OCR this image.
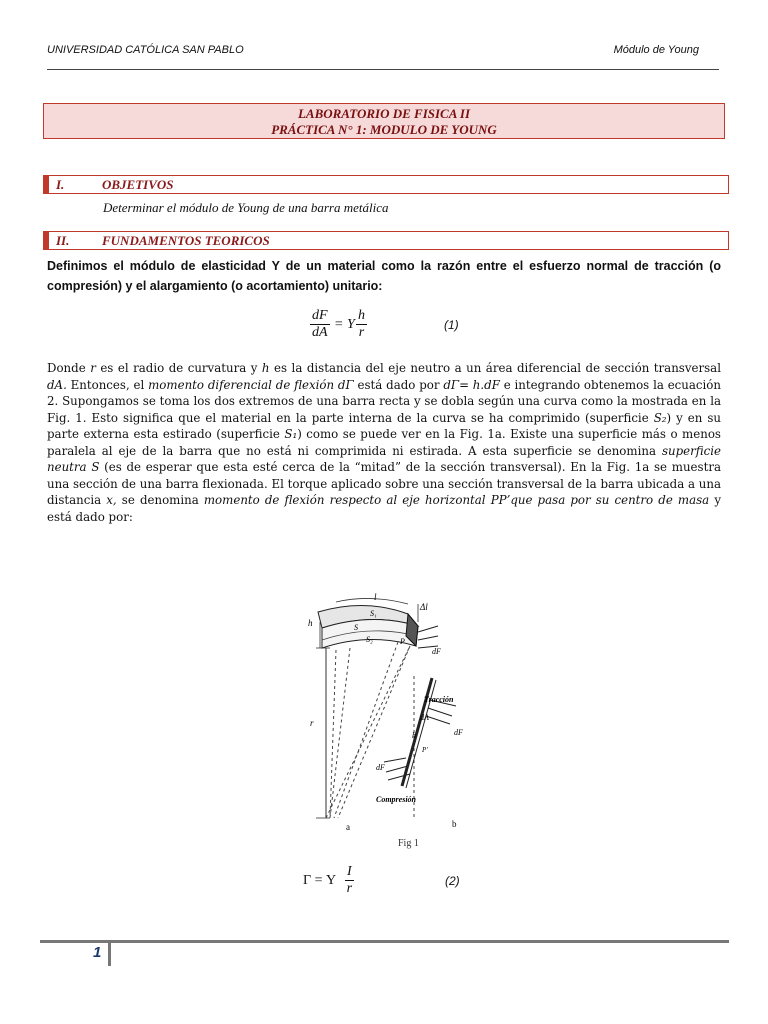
UNIVERSIDAD CATÓLICA SAN PABLO	Módulo de Young
LABORATORIO DE FISICA II
PRÁCTICA N° 1: MODULO DE YOUNG
I.	OBJETIVOS
Determinar el módulo de Young de una barra metálica
II.	FUNDAMENTOS TEORICOS
Definimos el módulo de elasticidad Y de un material como la razón entre el esfuerzo normal de tracción (o compresión) y el alargamiento (o acortamiento) unitario:
$\frac{dF}{dA} = Y \frac{h}{r}$	(1)

Donde r es el radio de curvatura y h es la distancia del eje neutro a un área diferencial de sección transversal dA. Entonces, el momento diferencial de flexión dΓ está dado por dΓ= h.dF e integrando obtenemos la ecuación 2. Supongamos se toma los dos extremos de una barra recta y se dobla según una curva como la mostrada en la Fig. 1. Esto significa que el material en la parte interna de la curva se ha comprimido (superficie S₂) y en su parte externa esta estirado (superficie S₁) como se puede ver en la Fig. 1a. Existe una superficie más o menos paralela al eje de la barra que no está ni comprimida ni estirada. A esta superficie se denomina superficie neutra S (es de esperar que esta esté cerca de la “mitad” de la sección transversal). En la Fig. 1a se muestra una sección de una barra flexionada. El torque aplicado sobre una sección transversal de la barra ubicada a una distancia x, se denomina momento de flexión respecto al eje horizontal PP’que pasa por su centro de masa y está dado por:

l
Δl
h
S₁
S
S₂	P
dF
r
Tracción
dA
h	dF
P'
dF
Compresión
a	b
Fig 1
Γ = Y $\frac{I}{r}$	(2)
1
